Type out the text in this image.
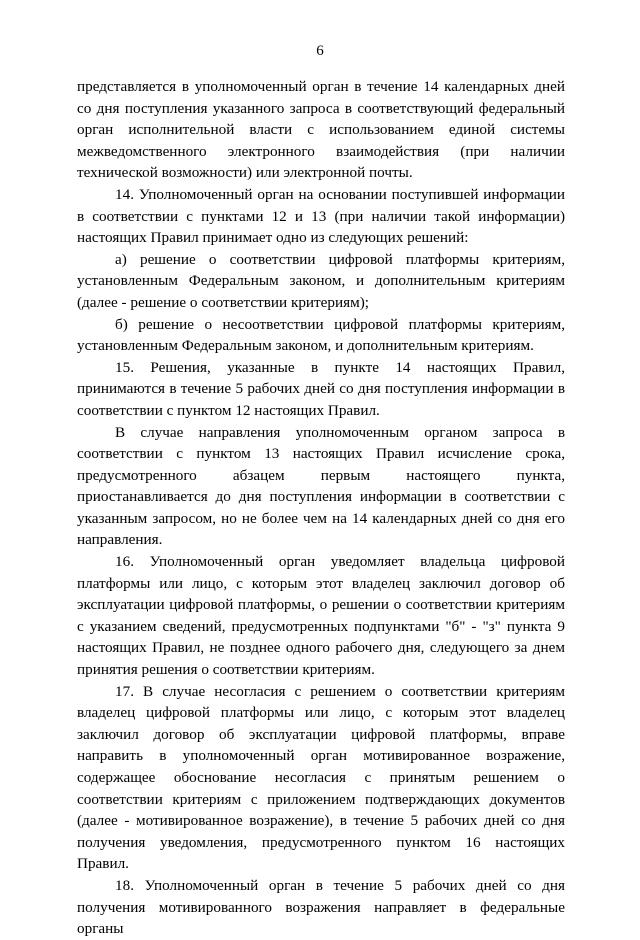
6

представляется в уполномоченный орган в течение 14 календарных дней со дня поступления указанного запроса в соответствующий федеральный орган исполнительной власти с использованием единой системы межведомственного электронного взаимодействия (при наличии технической возможности) или электронной почты.

14. Уполномоченный орган на основании поступившей информации в соответствии с пунктами 12 и 13 (при наличии такой информации) настоящих Правил принимает одно из следующих решений:

а) решение о соответствии цифровой платформы критериям, установленным Федеральным законом, и дополнительным критериям (далее - решение о соответствии критериям);

б) решение о несоответствии цифровой платформы критериям, установленным Федеральным законом, и дополнительным критериям.

15. Решения, указанные в пункте 14 настоящих Правил, принимаются в течение 5 рабочих дней со дня поступления информации в соответствии с пунктом 12 настоящих Правил.

В случае направления уполномоченным органом запроса в соответствии с пунктом 13 настоящих Правил исчисление срока, предусмотренного абзацем первым настоящего пункта, приостанавливается до дня поступления информации в соответствии с указанным запросом, но не более чем на 14 календарных дней со дня его направления.

16. Уполномоченный орган уведомляет владельца цифровой платформы или лицо, с которым этот владелец заключил договор об эксплуатации цифровой платформы, о решении о соответствии критериям с указанием сведений, предусмотренных подпунктами "б" - "з" пункта 9 настоящих Правил, не позднее одного рабочего дня, следующего за днем принятия решения о соответствии критериям.

17. В случае несогласия с решением о соответствии критериям владелец цифровой платформы или лицо, с которым этот владелец заключил договор об эксплуатации цифровой платформы, вправе направить в уполномоченный орган мотивированное возражение, содержащее обоснование несогласия с принятым решением о соответствии критериям с приложением подтверждающих документов (далее - мотивированное возражение), в течение 5 рабочих дней со дня получения уведомления, предусмотренного пунктом 16 настоящих Правил.

18. Уполномоченный орган в течение 5 рабочих дней со дня получения мотивированного возражения направляет в федеральные органы
